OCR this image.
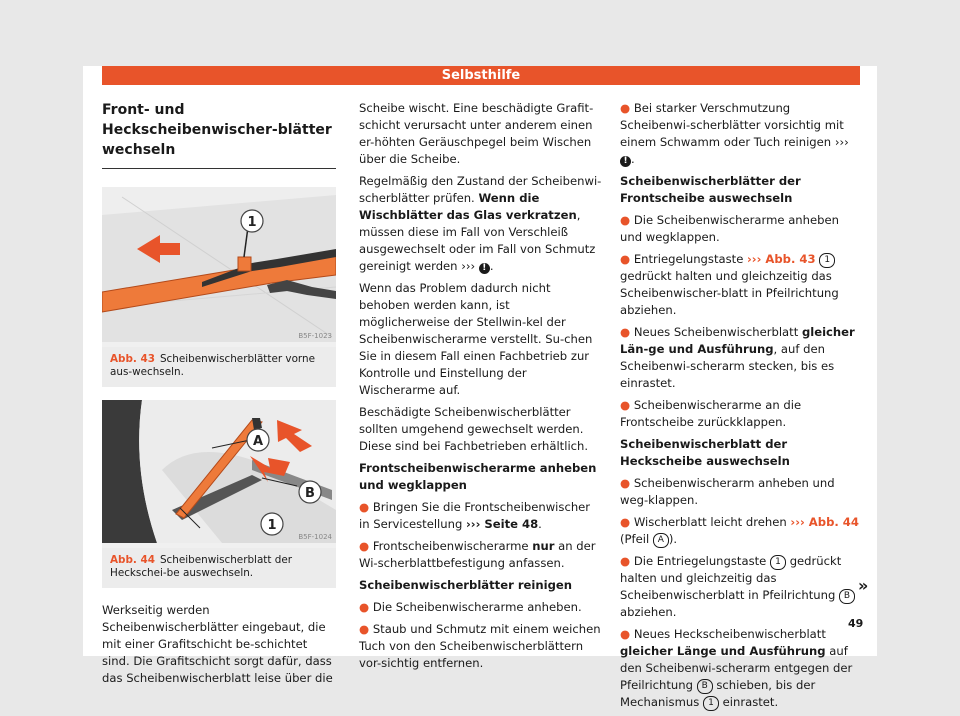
Selbsthilfe
Front- und Heckscheibenwischer-blätter wechseln
1
B5F-1023
Abb. 43 Scheibenwischerblätter vorne aus-wechseln.
A
B
1
B5F-1024
Abb. 44 Scheibenwischerblatt der Heckschei-be auswechseln.

Werkseitig werden Scheibenwischerblätter eingebaut, die mit einer Grafitschicht be-schichtet sind. Die Grafitschicht sorgt dafür, dass das Scheibenwischerblatt leise über die

Scheibe wischt. Eine beschädigte Grafit-schicht verursacht unter anderem einen er-höhten Geräuschpegel beim Wischen über die Scheibe.

Regelmäßig den Zustand der Scheibenwi-scherblätter prüfen. Wenn die Wischblätter das Glas verkratzen, müssen diese im Fall von Verschleiß ausgewechselt oder im Fall von Schmutz gereinigt werden ››› ! .

Wenn das Problem dadurch nicht behoben werden kann, ist möglicherweise der Stellwin-kel der Scheibenwischerarme verstellt. Su-chen Sie in diesem Fall einen Fachbetrieb zur Kontrolle und Einstellung der Wischerarme auf.

Beschädigte Scheibenwischerblätter sollten umgehend gewechselt werden. Diese sind bei Fachbetrieben erhältlich.

Frontscheibenwischerarme anheben und wegklappen

● Bringen Sie die Frontscheibenwischer in Servicestellung ››› Seite 48.

● Frontscheibenwischerarme nur an der Wi-scherblattbefestigung anfassen.

Scheibenwischerblätter reinigen

● Die Scheibenwischerarme anheben.

● Staub und Schmutz mit einem weichen Tuch von den Scheibenwischerblättern vor-sichtig entfernen.

● Bei starker Verschmutzung Scheibenwi-scherblätter vorsichtig mit einem Schwamm oder Tuch reinigen ››› ! .

Scheibenwischerblätter der Frontscheibe auswechseln

● Die Scheibenwischerarme anheben und wegklappen.

● Entriegelungstaste ››› Abb. 43 1 gedrückt halten und gleichzeitig das Scheibenwischer-blatt in Pfeilrichtung abziehen.

● Neues Scheibenwischerblatt gleicher Län-ge und Ausführung, auf den Scheibenwi-scherarm stecken, bis es einrastet.

● Scheibenwischerarme an die Frontscheibe zurückklappen.

Scheibenwischerblatt der Heckscheibe auswechseln

● Scheibenwischerarm anheben und weg-klappen.

● Wischerblatt leicht drehen ››› Abb. 44 (Pfeil A ).

● Die Entriegelungstaste 1 gedrückt halten und gleichzeitig das Scheibenwischerblatt in Pfeilrichtung B abziehen.

● Neues Heckscheibenwischerblatt gleicher Länge und Ausführung auf den Scheibenwi-scherarm entgegen der Pfeilrichtung B schieben, bis der Mechanismus 1 einrastet.

»
49
